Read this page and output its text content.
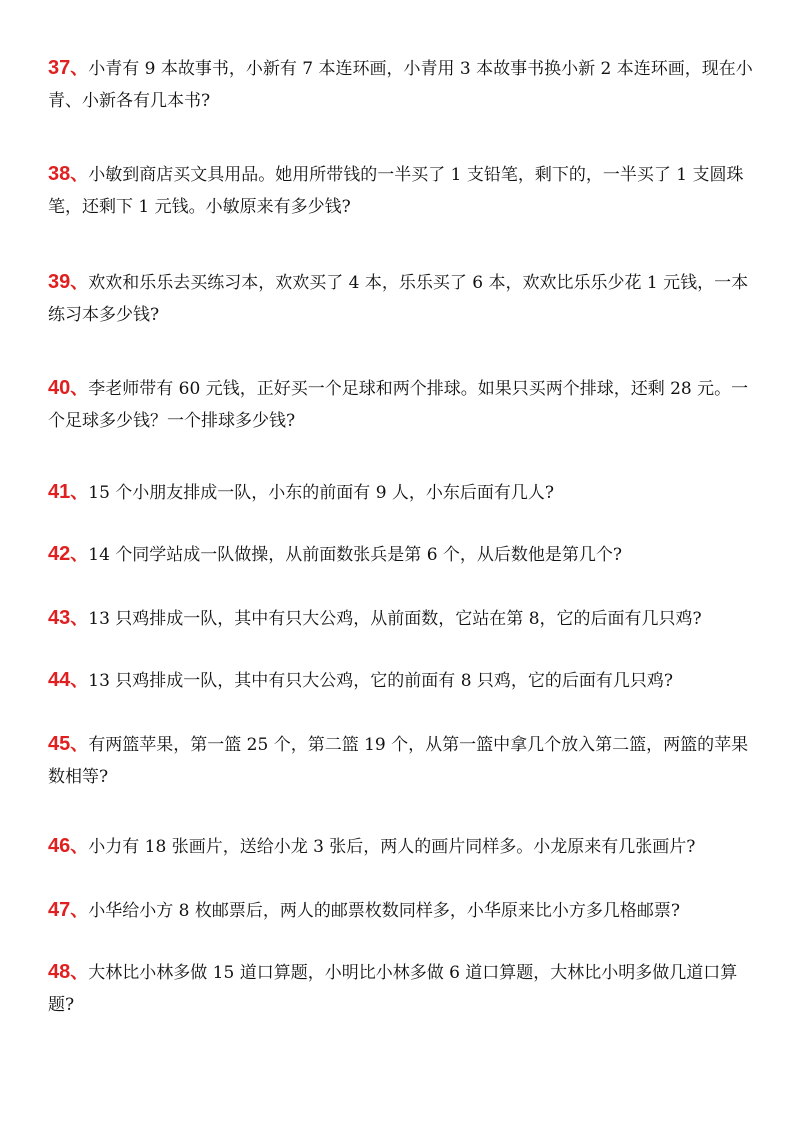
37、小青有 9 本故事书，小新有 7 本连环画，小青用 3 本故事书换小新 2 本连环画，现在小青、小新各有几本书?
38、小敏到商店买文具用品。她用所带钱的一半买了 1 支铅笔，剩下的，一半买了 1 支圆珠笔，还剩下 1 元钱。小敏原来有多少钱?
39、欢欢和乐乐去买练习本，欢欢买了 4 本，乐乐买了 6 本，欢欢比乐乐少花 1 元钱，一本练习本多少钱?
40、李老师带有 60 元钱，正好买一个足球和两个排球。如果只买两个排球，还剩 28 元。一个足球多少钱？一个排球多少钱?
41、15 个小朋友排成一队，小东的前面有 9 人，小东后面有几人?
42、14 个同学站成一队做操，从前面数张兵是第 6 个，从后数他是第几个?
43、13 只鸡排成一队，其中有只大公鸡，从前面数，它站在第 8，它的后面有几只鸡?
44、13 只鸡排成一队，其中有只大公鸡，它的前面有 8 只鸡，它的后面有几只鸡?
45、有两篮苹果，第一篮 25 个，第二篮 19 个，从第一篮中拿几个放入第二篮，两篮的苹果数相等?
46、小力有 18 张画片，送给小龙 3 张后，两人的画片同样多。小龙原来有几张画片?
47、小华给小方 8 枚邮票后，两人的邮票枚数同样多，小华原来比小方多几格邮票?
48、大林比小林多做 15 道口算题，小明比小林多做 6 道口算题，大林比小明多做几道口算题?
